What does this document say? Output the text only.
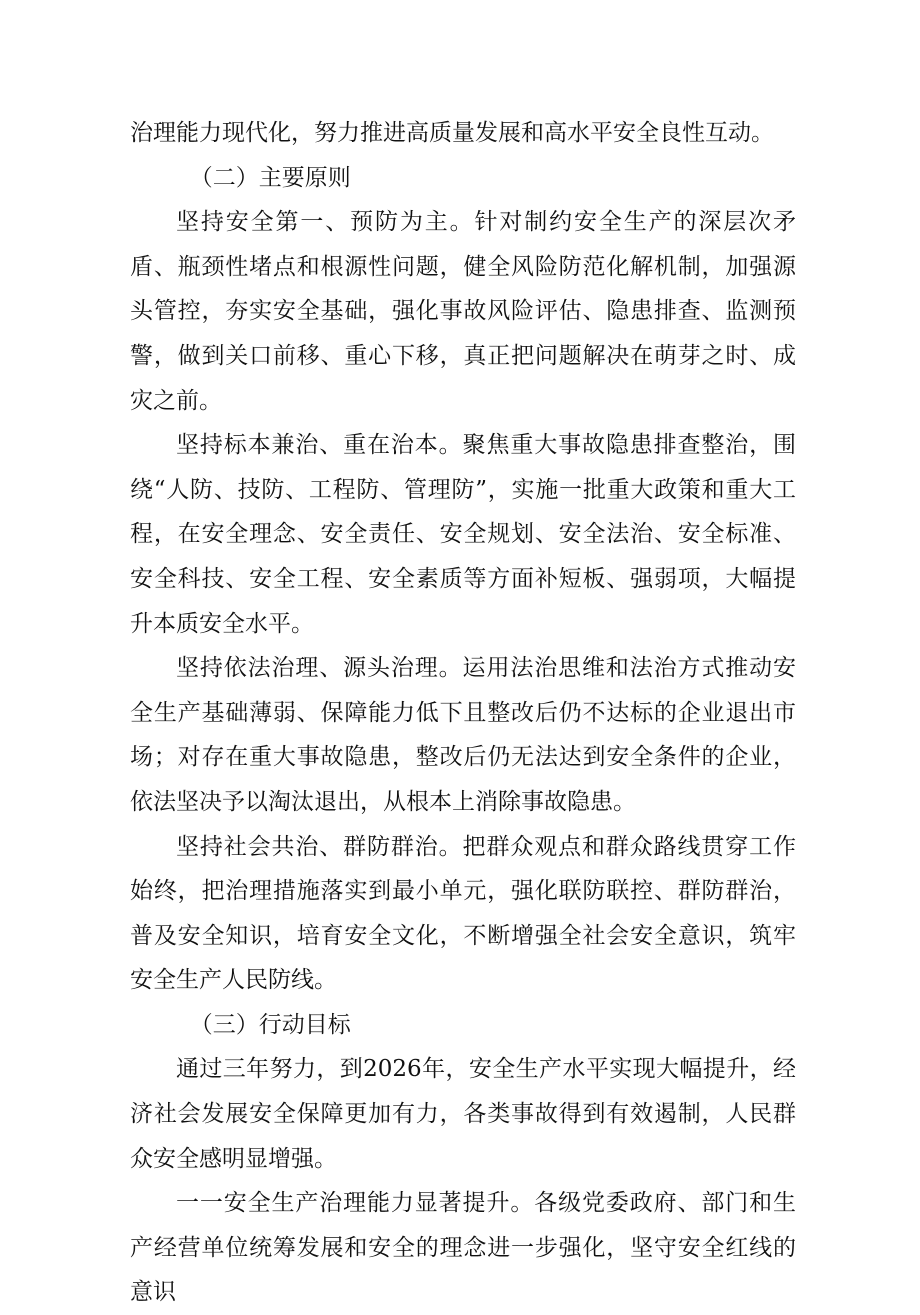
治理能力现代化，努力推进高质量发展和高水平安全良性互动。

（二）主要原则

坚持安全第一、预防为主。针对制约安全生产的深层次矛盾、瓶颈性堵点和根源性问题，健全风险防范化解机制，加强源头管控，夯实安全基础，强化事故风险评估、隐患排查、监测预警，做到关口前移、重心下移，真正把问题解决在萌芽之时、成灾之前。

坚持标本兼治、重在治本。聚焦重大事故隐患排查整治，围绕“人防、技防、工程防、管理防”，实施一批重大政策和重大工程，在安全理念、安全责任、安全规划、安全法治、安全标准、安全科技、安全工程、安全素质等方面补短板、强弱项，大幅提升本质安全水平。

坚持依法治理、源头治理。运用法治思维和法治方式推动安全生产基础薄弱、保障能力低下且整改后仍不达标的企业退出市场；对存在重大事故隐患，整改后仍无法达到安全条件的企业，依法坚决予以淘汰退出，从根本上消除事故隐患。

坚持社会共治、群防群治。把群众观点和群众路线贯穿工作始终，把治理措施落实到最小单元，强化联防联控、群防群治，普及安全知识，培育安全文化，不断增强全社会安全意识，筑牢安全生产人民防线。

（三）行动目标

通过三年努力，到2026年，安全生产水平实现大幅提升，经济社会发展安全保障更加有力，各类事故得到有效遏制，人民群众安全感明显增强。

一一安全生产治理能力显著提升。各级党委政府、部门和生产经营单位统筹发展和安全的理念进一步强化，坚守安全红线的意识
